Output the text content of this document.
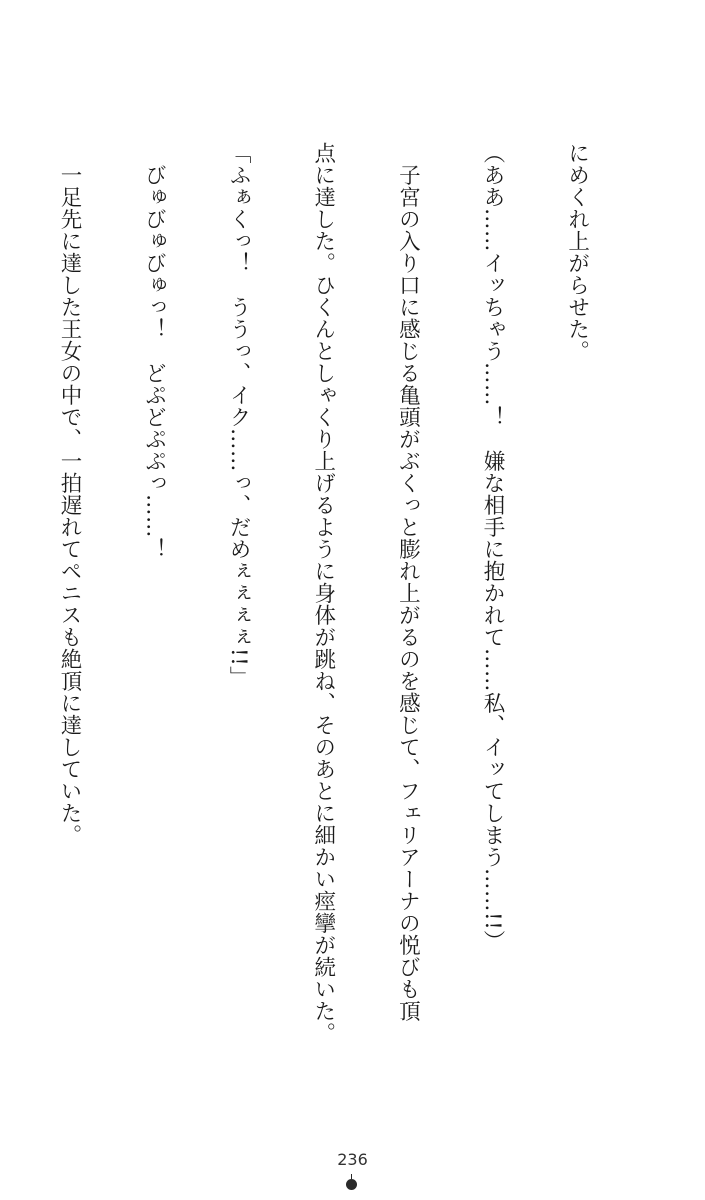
にめくれ上がらせた。

（ああ……イッちゃう……！　嫌な相手に抱かれて……私、イッてしまう……!!）

　子宮の入り口に感じる亀頭がぶくっと膨れ上がるのを感じて、フェリアーナの悦びも頂

点に達した。ひくんとしゃくり上げるように身体が跳ね、そのあとに細かい痙攣が続いた。

「ふぁくっ！　ううっ、イク……っ、だめぇぇぇぇ!!」

　びゅびゅびゅっ！　どぷどぷぷっ……！

　一足先に達した王女の中で、一拍遅れてペニスも絶頂に達していた。

236
